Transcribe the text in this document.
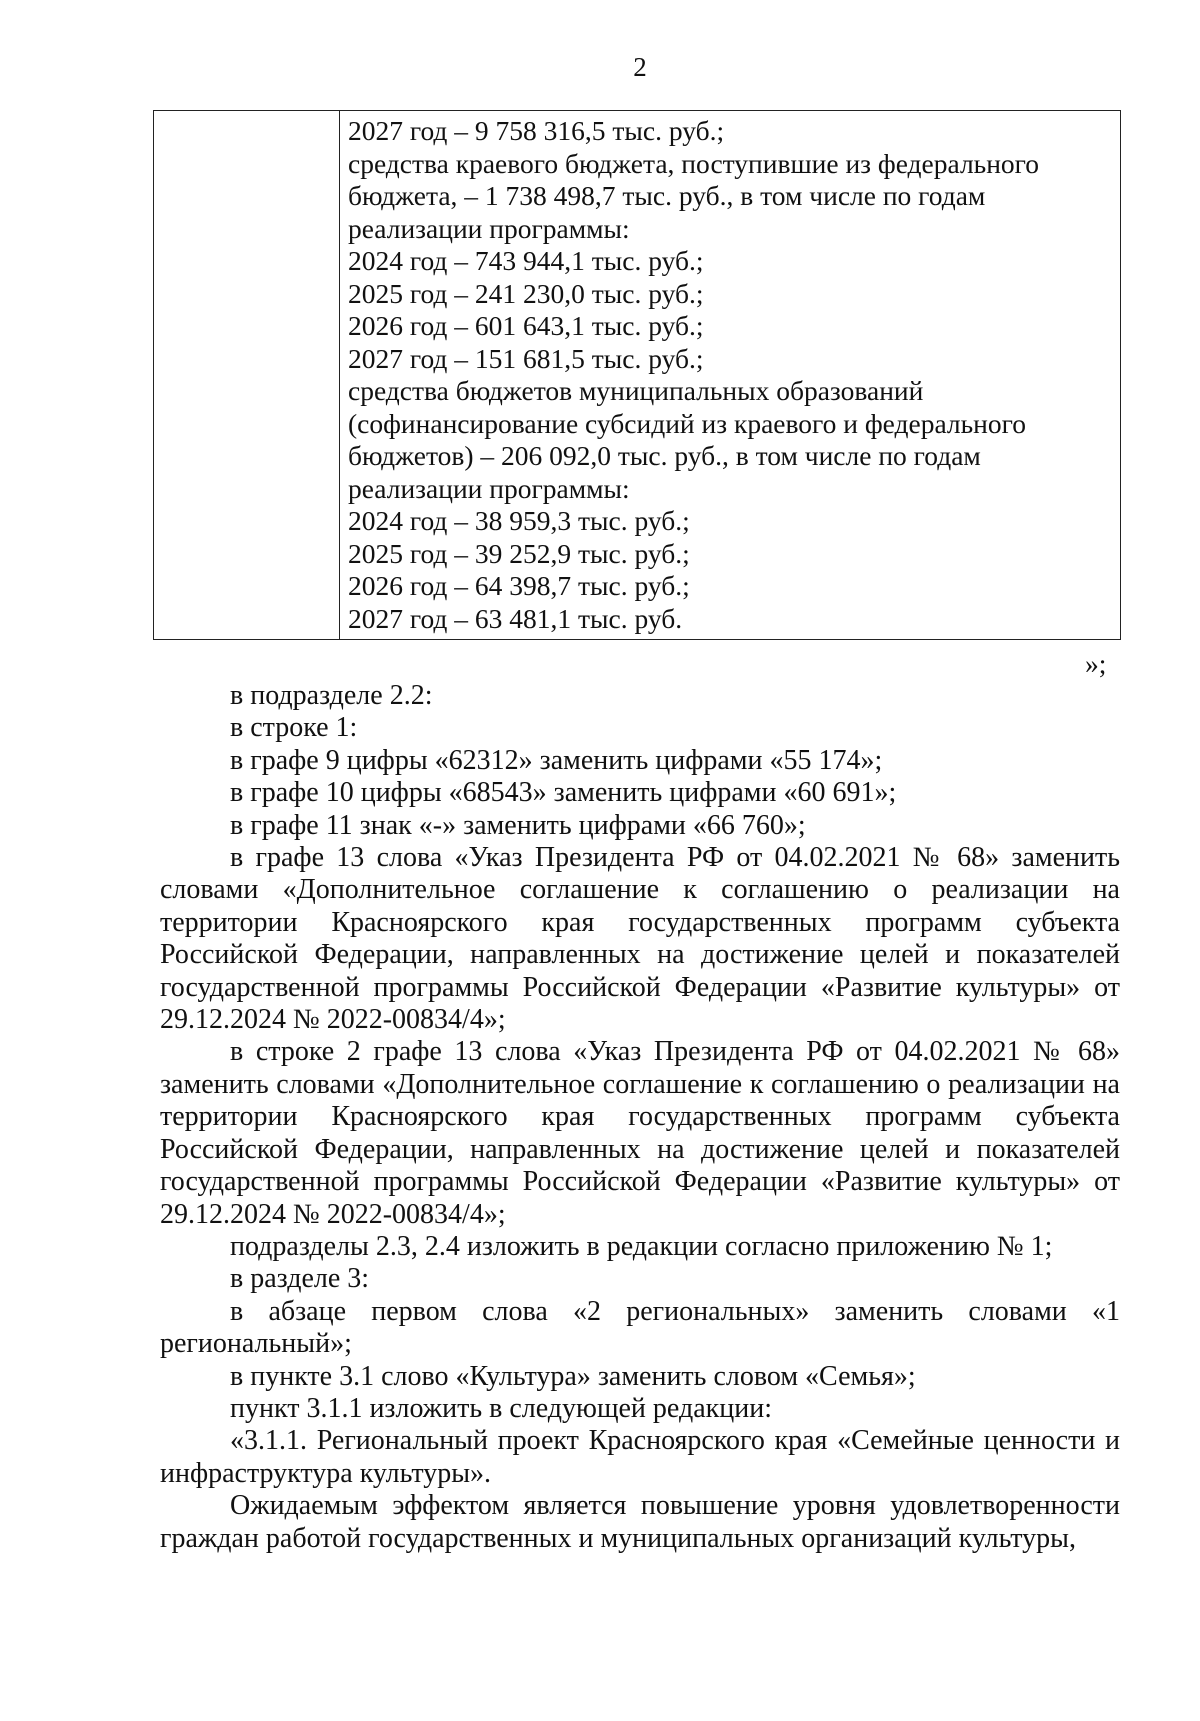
2

2027 год – 9 758 316,5 тыс. руб.;
средства краевого бюджета, поступившие из федерального
бюджета, – 1 738 498,7 тыс. руб., в том числе по годам
реализации программы:
2024 год – 743 944,1 тыс. руб.;
2025 год – 241 230,0 тыс. руб.;
2026 год – 601 643,1 тыс. руб.;
2027 год – 151 681,5 тыс. руб.;
средства бюджетов муниципальных образований
(софинансирование субсидий из краевого и федерального
бюджетов) – 206 092,0 тыс. руб., в том числе по годам
реализации программы:
2024 год – 38 959,3 тыс. руб.;
2025 год – 39 252,9 тыс. руб.;
2026 год – 64 398,7 тыс. руб.;
2027 год – 63 481,1 тыс. руб.
»;

в подразделе 2.2:

в строке 1:

в графе 9 цифры «62312» заменить цифрами «55 174»;

в графе 10 цифры «68543» заменить цифрами «60 691»;

в графе 11 знак «-» заменить цифрами «66 760»;

в графе 13 слова «Указ Президента РФ от 04.02.2021 № 68» заменить словами «Дополнительное соглашение к соглашению о реализации на территории Красноярского края государственных программ субъекта Российской Федерации, направленных на достижение целей и показателей государственной программы Российской Федерации «Развитие культуры» от 29.12.2024 № 2022-00834/4»;

в строке 2 графе 13 слова «Указ Президента РФ от 04.02.2021 № 68» заменить словами «Дополнительное соглашение к соглашению о реализации на территории Красноярского края государственных программ субъекта Российской Федерации, направленных на достижение целей и показателей государственной программы Российской Федерации «Развитие культуры» от 29.12.2024 № 2022-00834/4»;

подразделы 2.3, 2.4 изложить в редакции согласно приложению № 1;

в разделе 3:

в абзаце первом слова «2 региональных» заменить словами «1 региональный»;

в пункте 3.1 слово «Культура» заменить словом «Семья»;

пункт 3.1.1 изложить в следующей редакции:

«3.1.1. Региональный проект Красноярского края «Семейные ценности и инфраструктура культуры».

Ожидаемым эффектом является повышение уровня удовлетворенности граждан работой государственных и муниципальных организаций культуры,
